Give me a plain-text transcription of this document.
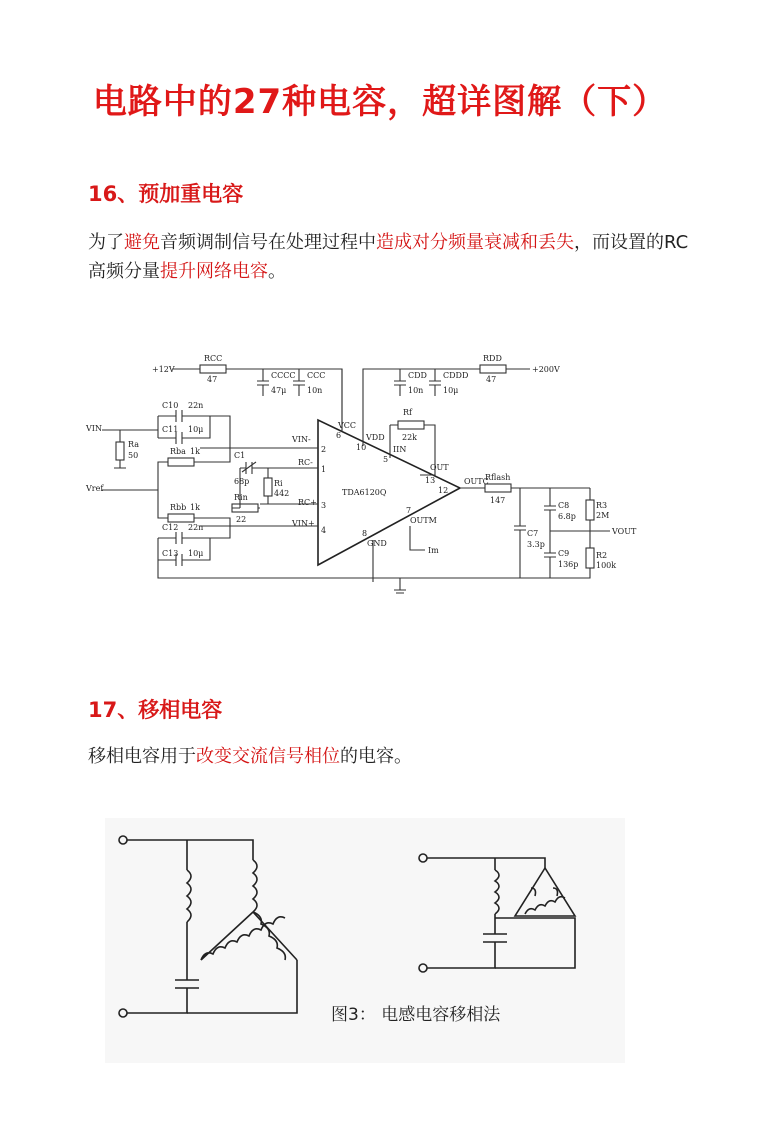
电路中的27种电容，超详图解（下）
16、预加重电容
为了避免音频调制信号在处理过程中造成对分频量衰减和丢失，而设置的RC高频分量提升网络电容。
+12V
RCC
47	CCCC
47μ
CCC
10n
RDD
47
+200V
CDD
10n
CDDD
10μ
TDA6120Q
VCC
VDD
IIN
OUT
OUTC
OUTM
GND
VIN-
RC-
RC+
VIN+
6
10
5
13
12
7
8
2
1
3
4
Rf
22k
VIN
Ra
50
C10 22n
C11 10μ
Vref
Rba 1k
Rbb 1k
C12 22n
C13 10μ
C1
68p	Ri
442
Rin
22
Rflash
147
C7
3.3p
C8
6.8p
C9
136p
R3
2M
R2
100k
VOUT
Im
17、移相电容
移相电容用于改变交流信号相位的电容。
图3： 电感电容移相法
